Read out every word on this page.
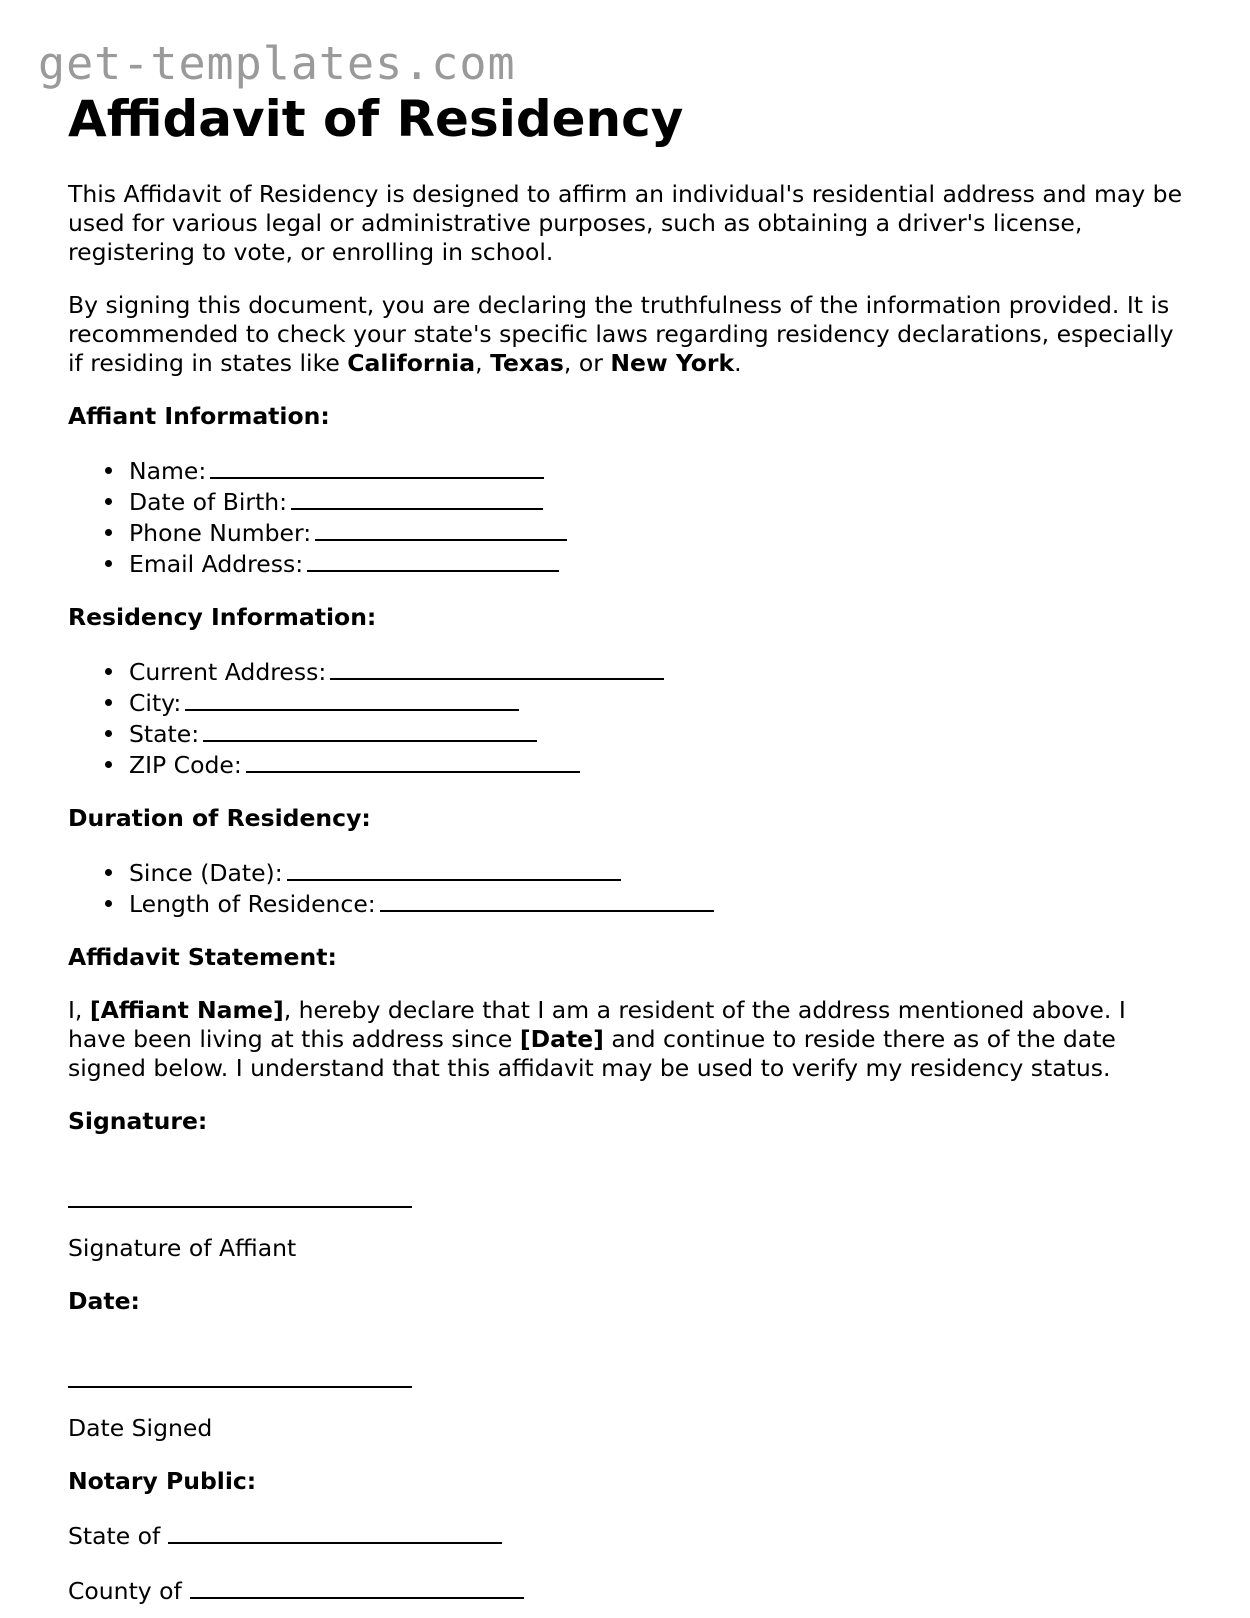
get-templates.com
Affidavit of Residency

This Affidavit of Residency is designed to affirm an individual's residential address and may be used for various legal or administrative purposes, such as obtaining a driver's license, registering to vote, or enrolling in school.

By signing this document, you are declaring the truthfulness of the information provided. It is recommended to check your state's specific laws regarding residency declarations, especially if residing in states like California, Texas, or New York.

Affiant Information:

Name:
Date of Birth:
Phone Number:
Email Address:

Residency Information:

Current Address:
City:
State:
ZIP Code:

Duration of Residency:

Since (Date):
Length of Residence:

Affidavit Statement:

I, [Affiant Name], hereby declare that I am a resident of the address mentioned above. I have been living at this address since [Date] and continue to reside there as of the date signed below. I understand that this affidavit may be used to verify my residency status.

Signature:

Signature of Affiant

Date:

Date Signed

Notary Public:

State of

County of
